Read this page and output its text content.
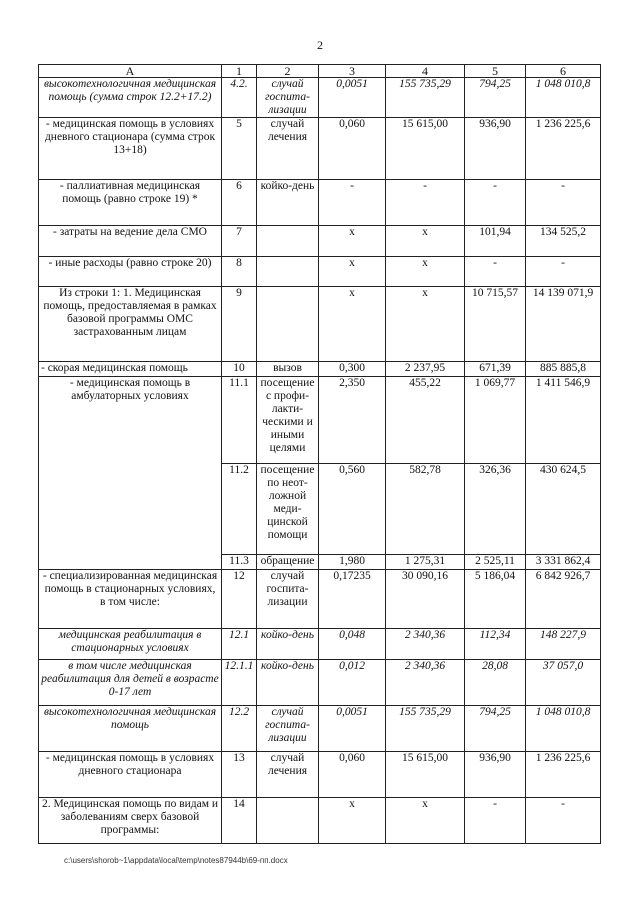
2
А	1	2	3	4	5	6
высокотехнологичная медицинская помощь (сумма строк 12.2+17.2)	4.2.	случай госпита-лизации	0,0051	155 735,29	794,25	1 048 010,8
- медицинская помощь в условиях дневного стационара (сумма строк 13+18)	5	случай лечения	0,060	15 615,00	936,90	1 236 225,6
- паллиативная медицинская помощь (равно строке 19) *	6	койко-день	-	-	-	-
- затраты на ведение дела СМО	7		х	х	101,94	134 525,2
- иные расходы (равно строке 20)	8		х	х	-	-
Из строки 1: 1. Медицинская помощь, предоставляемая в рамках базовой программы ОМС застрахованным лицам	9		х	х	10 715,57	14 139 071,9
- скорая медицинская помощь	10	вызов	0,300	2 237,95	671,39	885 885,8
- медицинская помощь в амбулаторных условиях	11.1	посещение с профи-лакти-ческими и иными целями	2,350	455,22	1 069,77	1 411 546,9
	11.2	посещение по неот-ложной меди-цинской помощи	0,560	582,78	326,36	430 624,5
	11.3	обращение	1,980	1 275,31	2 525,11	3 331 862,4
- специализированная медицинская помощь в стационарных условиях, в том числе:	12	случай госпита-лизации	0,17235	30 090,16	5 186,04	6 842 926,7
медицинская реабилитация в стационарных условиях	12.1	койко-день	0,048	2 340,36	112,34	148 227,9
в том числе медицинская реабилитация для детей в возрасте 0-17 лет	12.1.1	койко-день	0,012	2 340,36	28,08	37 057,0
высокотехнологичная медицинская помощь	12.2	случай госпита-лизации	0,0051	155 735,29	794,25	1 048 010,8
- медицинская помощь в условиях дневного стационара	13	случай лечения	0,060	15 615,00	936,90	1 236 225,6
2. Медицинская помощь по видам и заболеваниям сверх базовой программы:	14		х	х	-	-
c:\users\shorob~1\appdata\local\temp\notes87944b\69-пп.docx
